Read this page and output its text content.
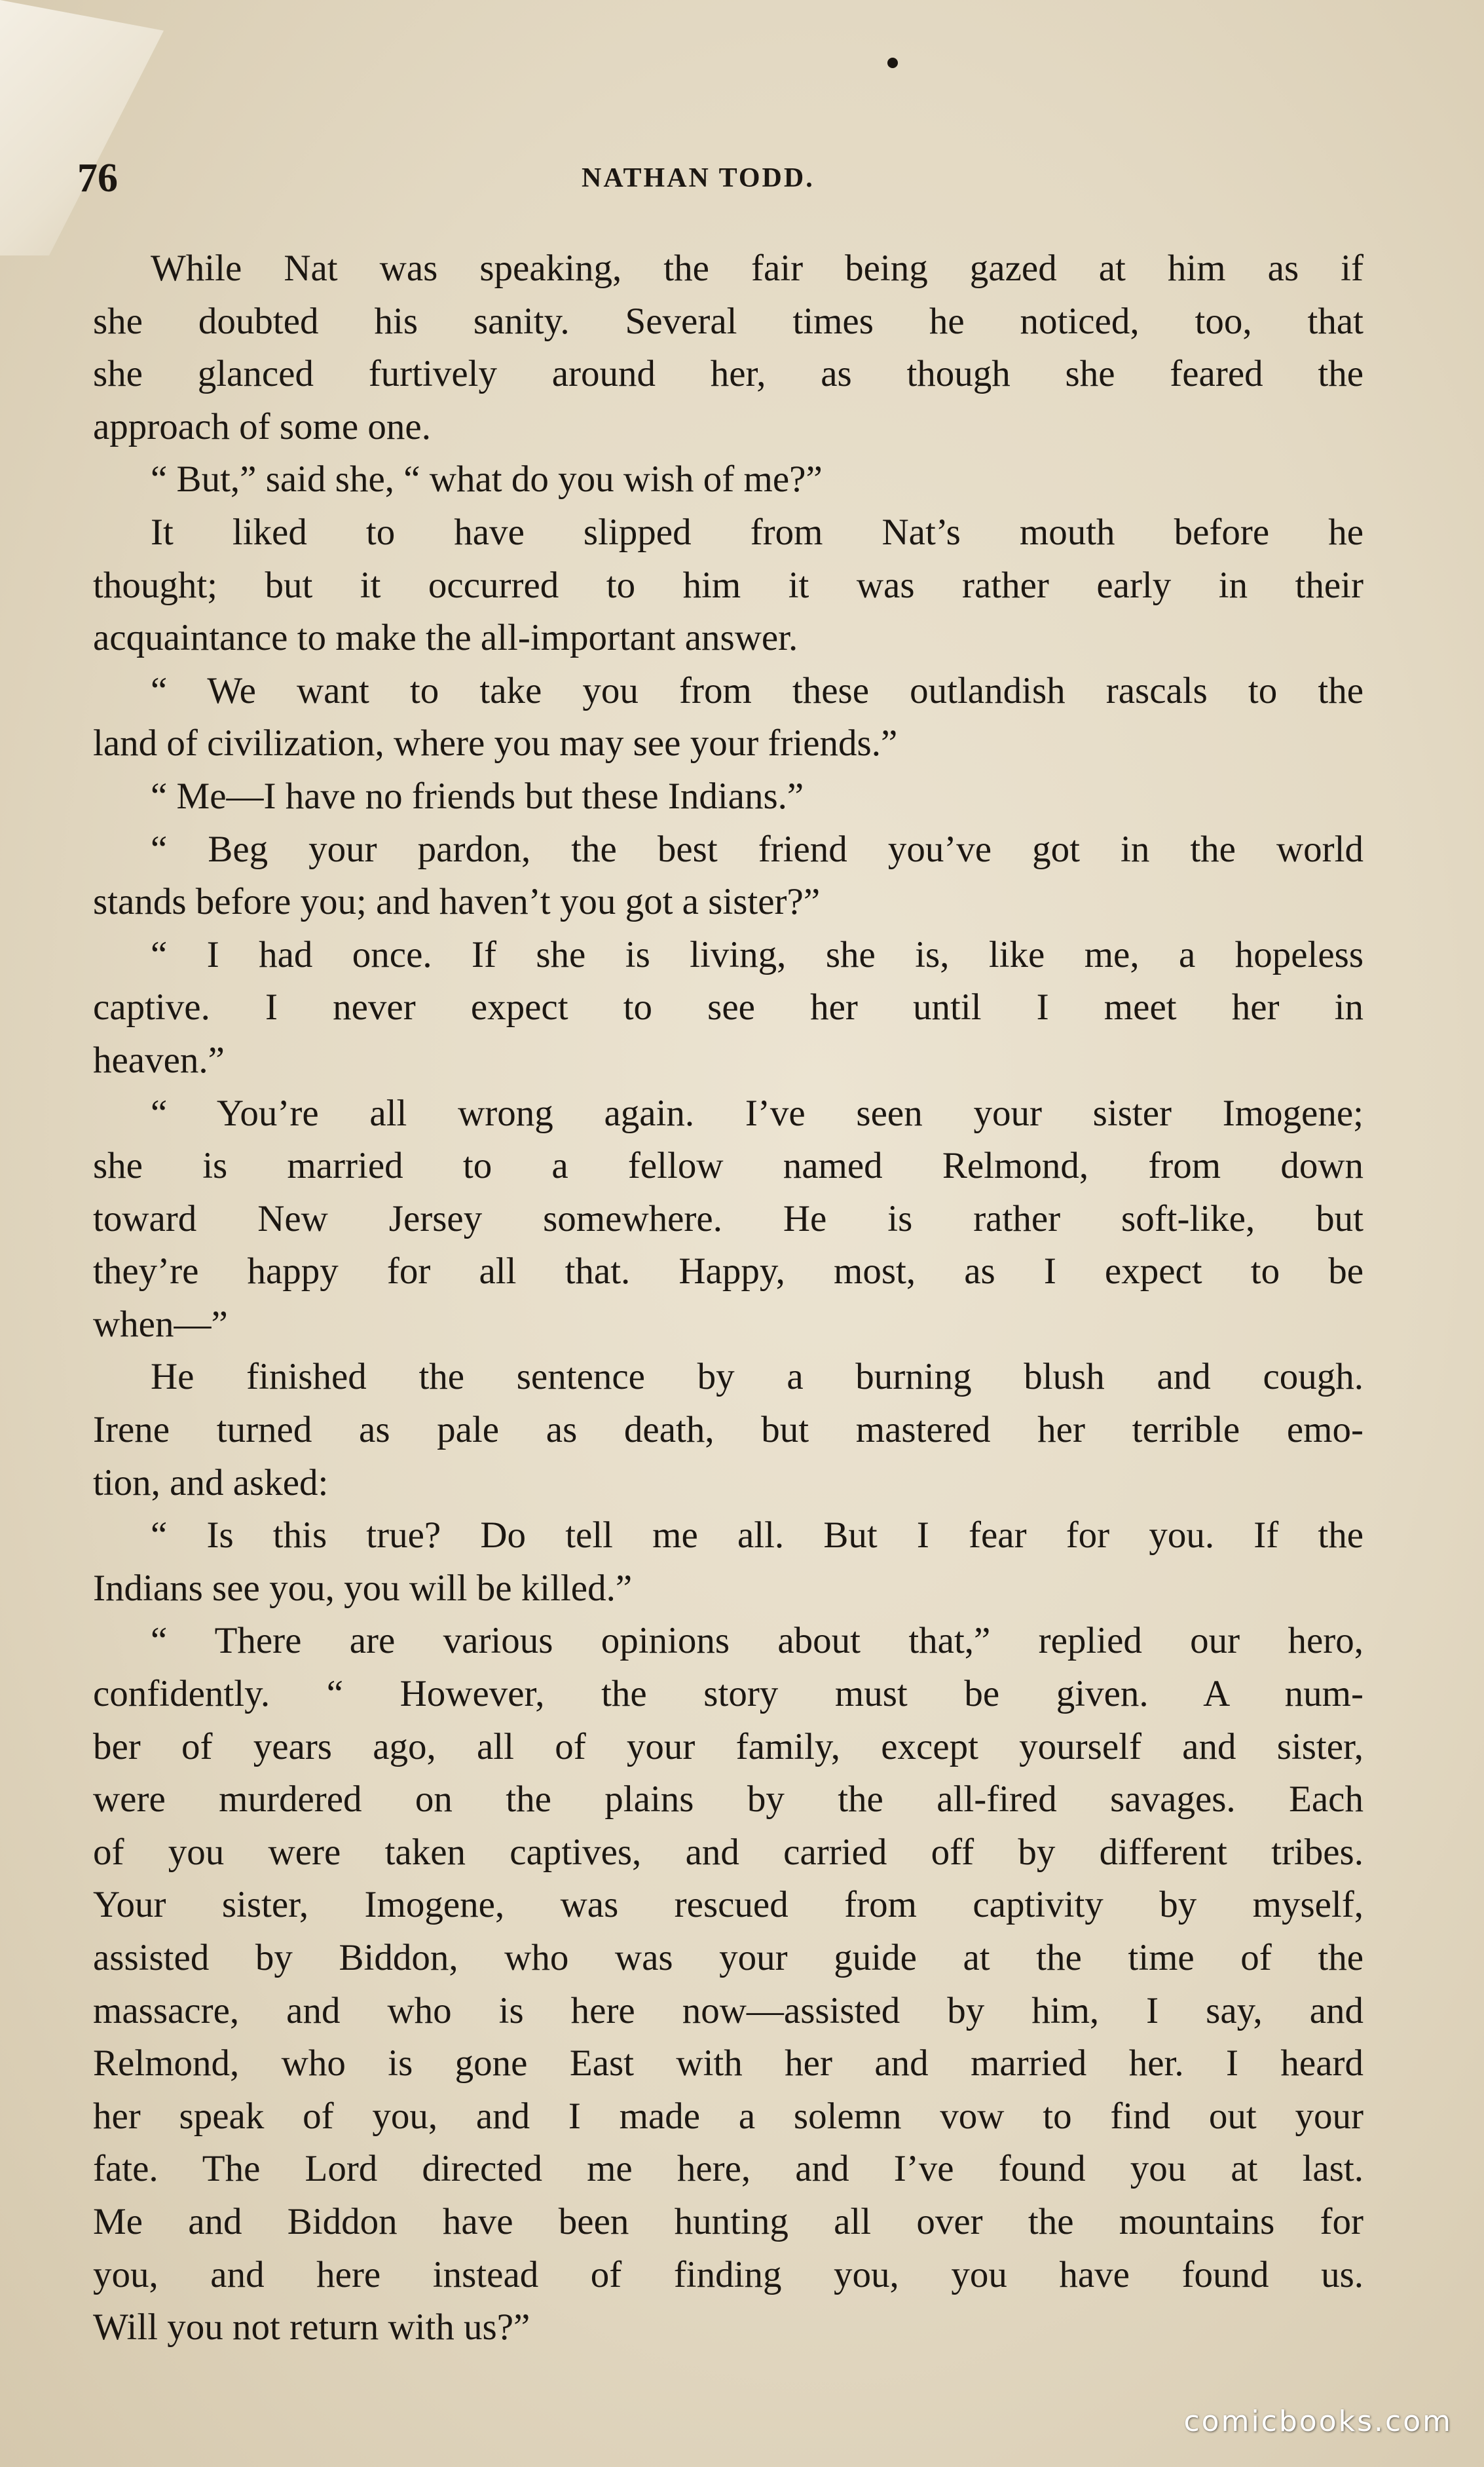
76	NATHAN TODD.
While Nat was speaking, the fair being gazed at him as if
she doubted his sanity. Several times he noticed, too, that
she glanced furtively around her, as though she feared the
approach of some one.
“ But,” said she, “ what do you wish of me?”
It liked to have slipped from Nat’s mouth before he
thought; but it occurred to him it was rather early in their
acquaintance to make the all-important answer.
“ We want to take you from these outlandish rascals to the
land of civilization, where you may see your friends.”
“ Me—I have no friends but these Indians.”
“ Beg your pardon, the best friend you’ve got in the world
stands before you; and haven’t you got a sister?”
“ I had once. If she is living, she is, like me, a hopeless
captive. I never expect to see her until I meet her in
heaven.”
“ You’re all wrong again. I’ve seen your sister Imogene;
she is married to a fellow named Relmond, from down
toward New Jersey somewhere. He is rather soft-like, but
they’re happy for all that. Happy, most, as I expect to be
when—”
He finished the sentence by a burning blush and cough.
Irene turned as pale as death, but mastered her terrible emo-
tion, and asked:
“ Is this true? Do tell me all. But I fear for you. If the
Indians see you, you will be killed.”
“ There are various opinions about that,” replied our hero,
confidently. “ However, the story must be given. A num-
ber of years ago, all of your family, except yourself and sister,
were murdered on the plains by the all-fired savages. Each
of you were taken captives, and carried off by different tribes.
Your sister, Imogene, was rescued from captivity by myself,
assisted by Biddon, who was your guide at the time of the
massacre, and who is here now—assisted by him, I say, and
Relmond, who is gone East with her and married her. I heard
her speak of you, and I made a solemn vow to find out your
fate. The Lord directed me here, and I’ve found you at last.
Me and Biddon have been hunting all over the mountains for
you, and here instead of finding you, you have found us.
Will you not return with us?”
comicbooks.com
